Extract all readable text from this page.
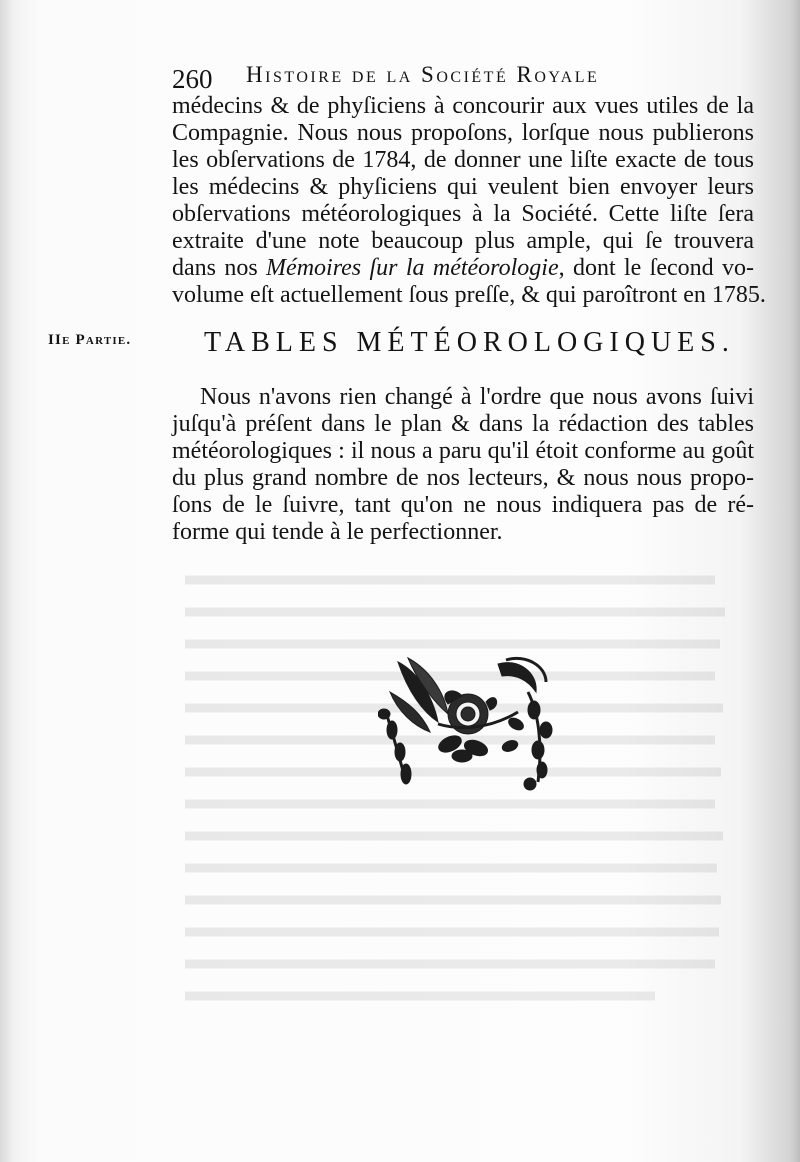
260 Histoire de la Société Royale
médecins & de phyſiciens à concourir aux vues utiles de la
Compagnie. Nous nous propoſons, lorſque nous publierons
les obſervations de 1784, de donner une liſte exacte de tous
les médecins & phyſiciens qui veulent bien envoyer leurs
obſervations météorologiques à la Société. Cette liſte ſera
extraite d'une note beaucoup plus ample, qui ſe trouvera
dans nos Mémoires ſur la météorologie, dont le ſecond vo-
volume eſt actuellement ſous preſſe, & qui paroîtront en 1785.
IIe Partie.	TABLES MÉTÉOROLOGIQUES.
Nous n'avons rien changé à l'ordre que nous avons ſuivi
juſqu'à préſent dans le plan & dans la rédaction des tables
météorologiques : il nous a paru qu'il étoit conforme au goût
du plus grand nombre de nos lecteurs, & nous nous propo-
ſons de le ſuivre, tant qu'on ne nous indiquera pas de ré-
forme qui tende à le perfectionner.
